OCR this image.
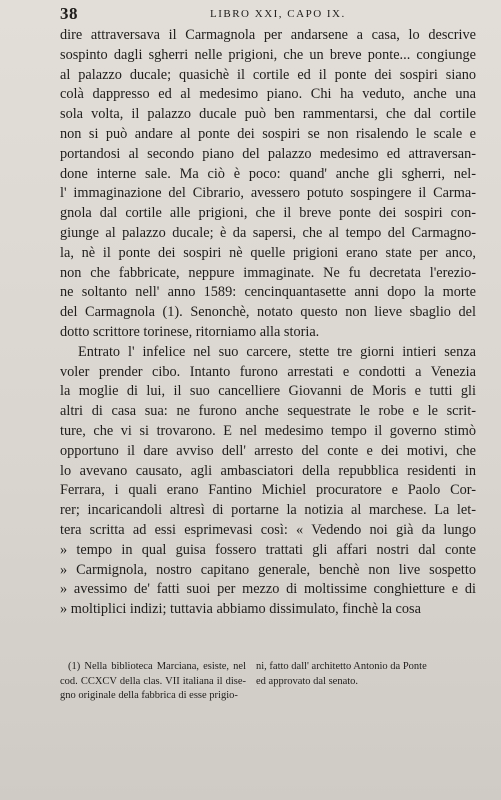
38	LIBRO XXI, CAPO IX.
dire attraversava il Carmagnola per andarsene a casa, lo descrive
sospinto dagli sgherri nelle prigioni, che un breve ponte... congiunge
al palazzo ducale; quasichè il cortile ed il ponte dei sospiri siano
colà dappresso ed al medesimo piano. Chi ha veduto, anche una
sola volta, il palazzo ducale può ben rammentarsi, che dal cortile
non si può andare al ponte dei sospiri se non risalendo le scale e
portandosi al secondo piano del palazzo medesimo ed attraversan-
done interne sale. Ma ciò è poco: quand' anche gli sgherri, nel-
l' immaginazione del Cibrario, avessero potuto sospingere il Carma-
gnola dal cortile alle prigioni, che il breve ponte dei sospiri con-
giunge al palazzo ducale; è da sapersi, che al tempo del Carmagno-
la, nè il ponte dei sospiri nè quelle prigioni erano state per anco,
non che fabbricate, neppure immaginate. Ne fu decretata l'erezio-
ne soltanto nell' anno 1589: cencinquantasette anni dopo la morte
del Carmagnola (1). Senonchè, notato questo non lieve sbaglio del
dotto scrittore torinese, ritorniamo alla storia.
Entrato l' infelice nel suo carcere, stette tre giorni intieri senza
voler prender cibo. Intanto furono arrestati e condotti a Venezia
la moglie di lui, il suo cancelliere Giovanni de Moris e tutti gli
altri di casa sua: ne furono anche sequestrate le robe e le scrit-
ture, che vi si trovarono. E nel medesimo tempo il governo stimò
opportuno il dare avviso dell' arresto del conte e dei motivi, che
lo avevano causato, agli ambasciatori della repubblica residenti in
Ferrara, i quali erano Fantino Michiel procuratore e Paolo Cor-
rer; incaricandoli altresì di portarne la notizia al marchese. La let-
tera scritta ad essi esprimevasi così: « Vedendo noi già da lungo
» tempo in qual guisa fossero trattati gli affari nostri dal conte
» Carmignola, nostro capitano generale, benchè non live sospetto
» avessimo de' fatti suoi per mezzo di moltissime conghietture e di
» moltiplici indizi; tuttavia abbiamo dissimulato, finchè la cosa
(1) Nella biblioteca Marciana, esiste, nel
cod. CCXCV della clas. VII italiana il dise-
gno originale della fabbrica di esse prigio-
ni, fatto dall' architetto Antonio da Ponte
ed approvato dal senato.
